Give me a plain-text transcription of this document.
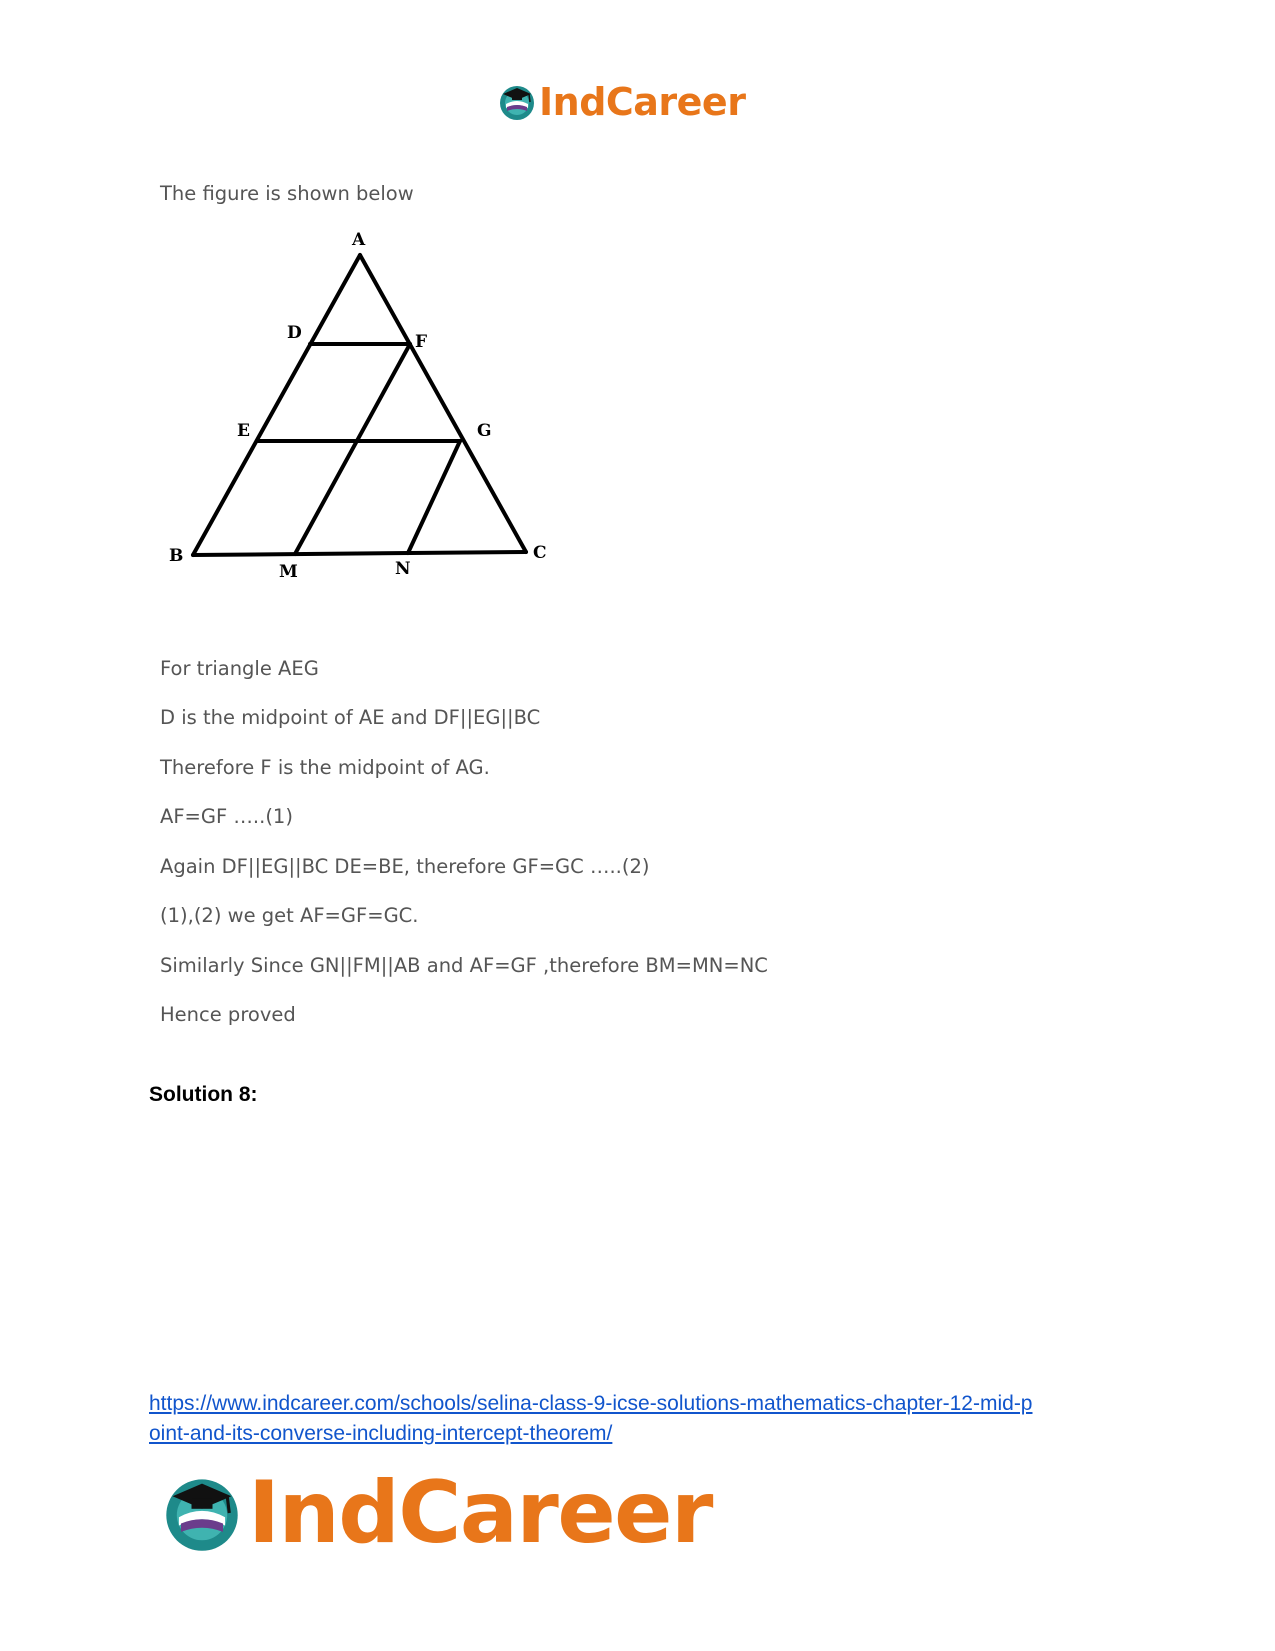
IndCareer
The figure is shown below
A
D	F
E	G
B	C
M	N
For triangle AEG
D is the midpoint of AE and DF||EG||BC
Therefore F is the midpoint of AG.
AF=GF …..(1)
Again DF||EG||BC DE=BE, therefore GF=GC …..(2)
(1),(2) we get AF=GF=GC.
Similarly Since GN||FM||AB and AF=GF ,therefore BM=MN=NC
Hence proved
Solution 8:
https://www.indcareer.com/schools/selina-class-9-icse-solutions-mathematics-chapter-12-mid-p
oint-and-its-converse-including-intercept-theorem/
IndCareer
